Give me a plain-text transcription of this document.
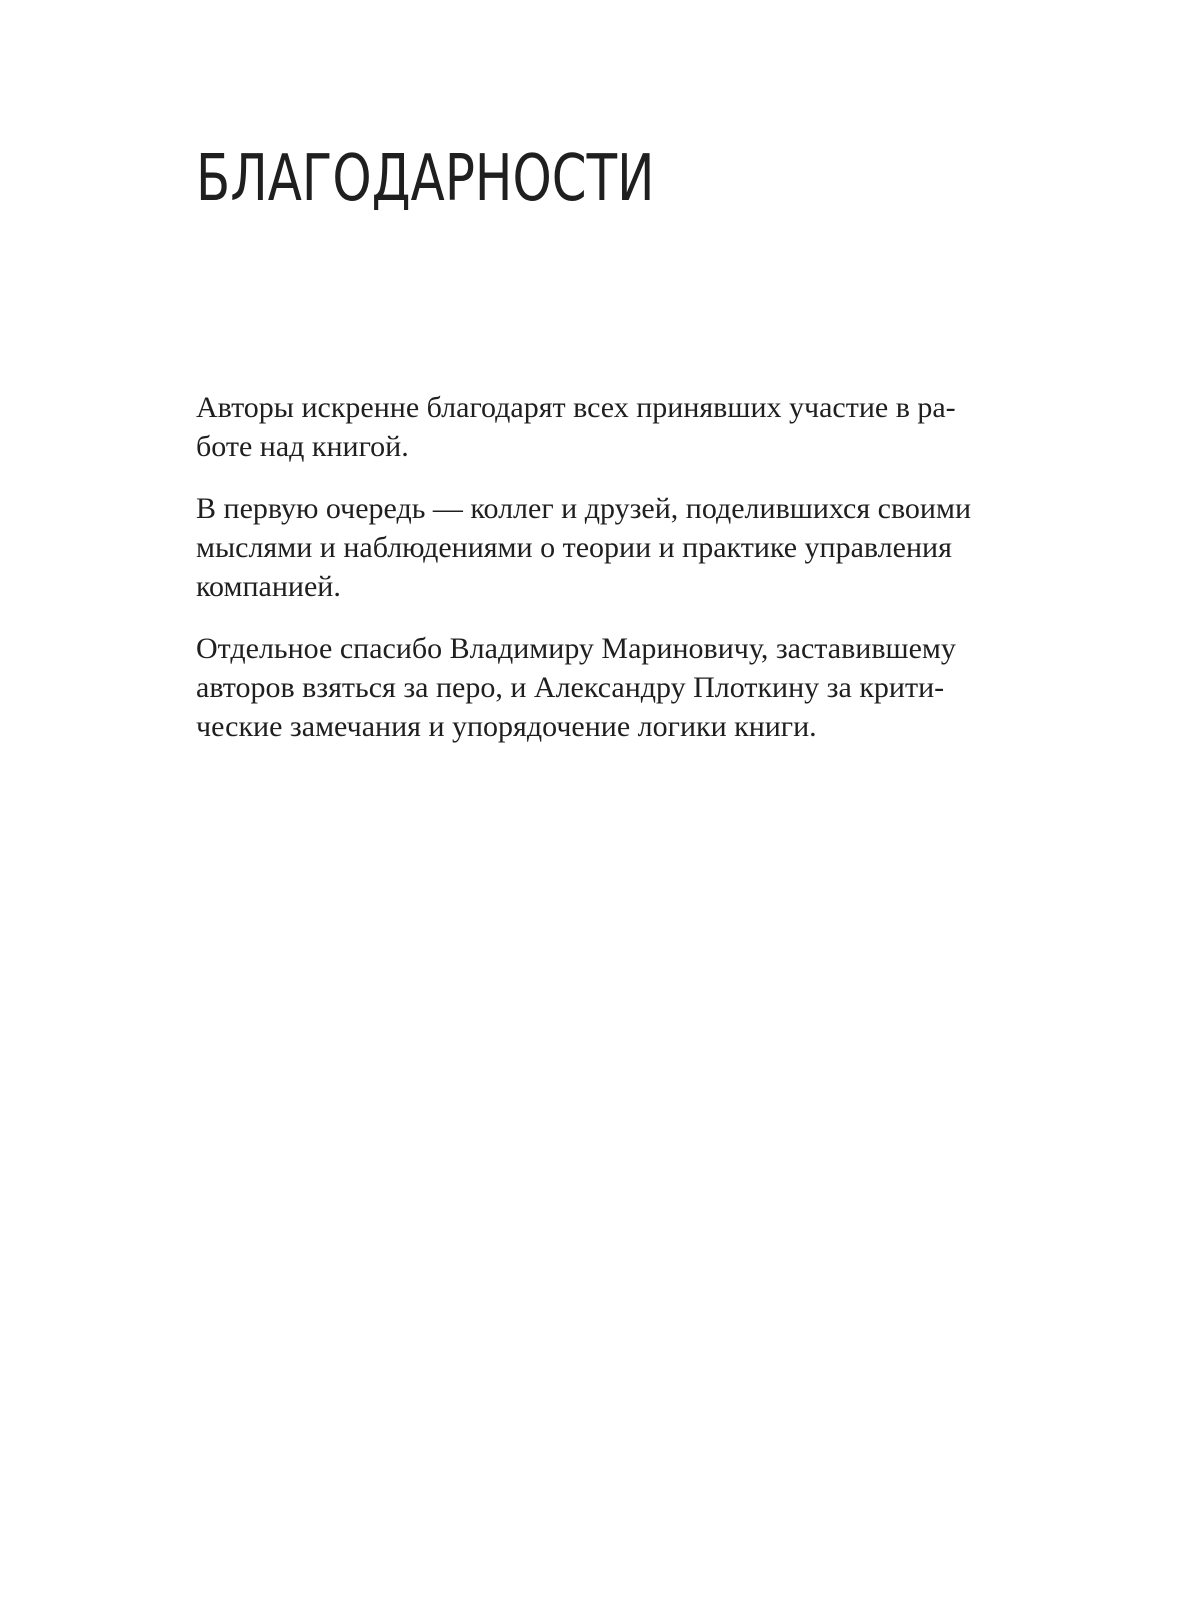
БЛАГОДАРНОСТИ

Авторы искренне благодарят всех принявших участие в ра-
боте над книгой.

В первую очередь — коллег и друзей, поделившихся своими
мыслями и наблюдениями о теории и практике управления
компанией.

Отдельное спасибо Владимиру Мариновичу, заставившему
авторов взяться за перо, и Александру Плоткину за крити-
ческие замечания и упорядочение логики книги.
